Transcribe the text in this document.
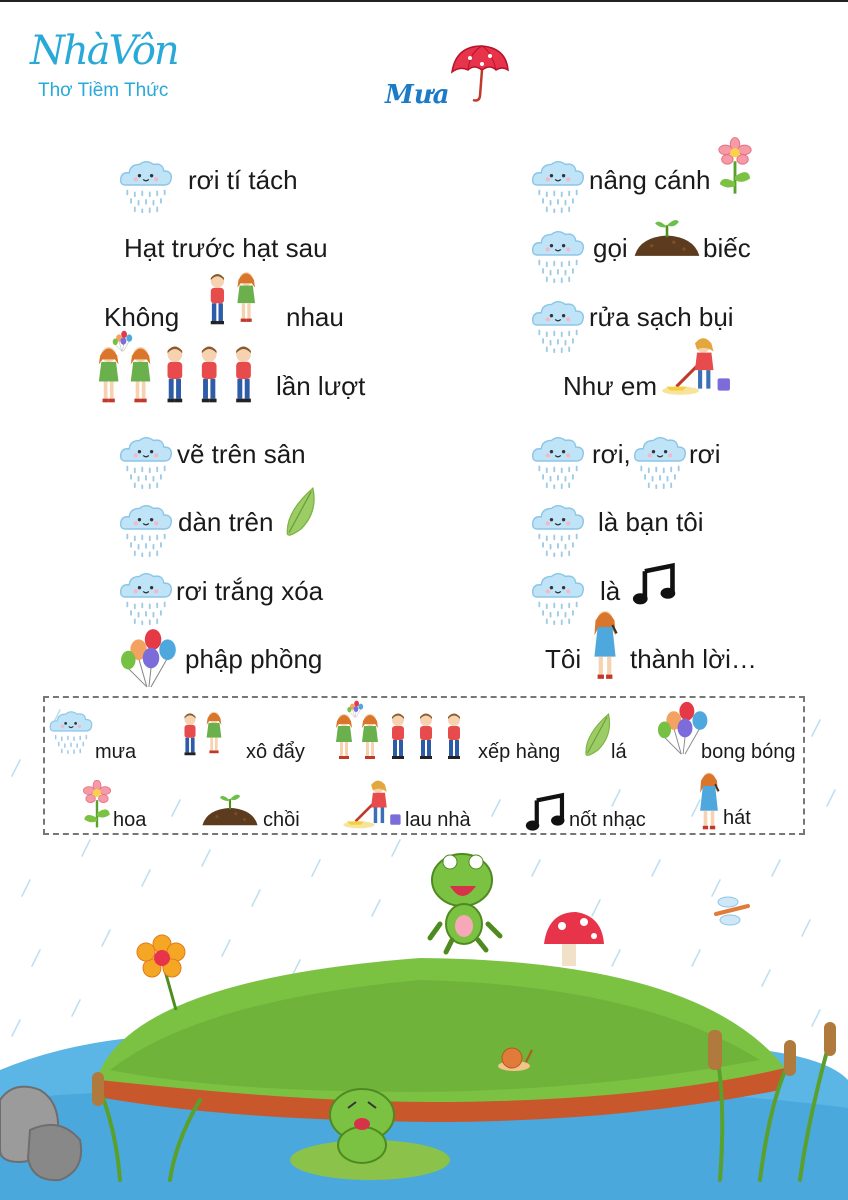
NhàVôn
Thơ Tiềm Thức	Mưa
rơi tí tách
Hạt trước hạt sau
Không	nhau
lần lượt
vẽ trên sân
dàn trên
rơi trắng xóa
phập phồng
nâng cánh
gọi	biếc
rửa sạch bụi
Như em
rơi, rơi
là bạn tôi
là
Tôi thành lời…
mưa	xô đẩy	xếp hàng	lá	bong bóng
hoa	chồi	lau nhà	nốt nhạc	hát
